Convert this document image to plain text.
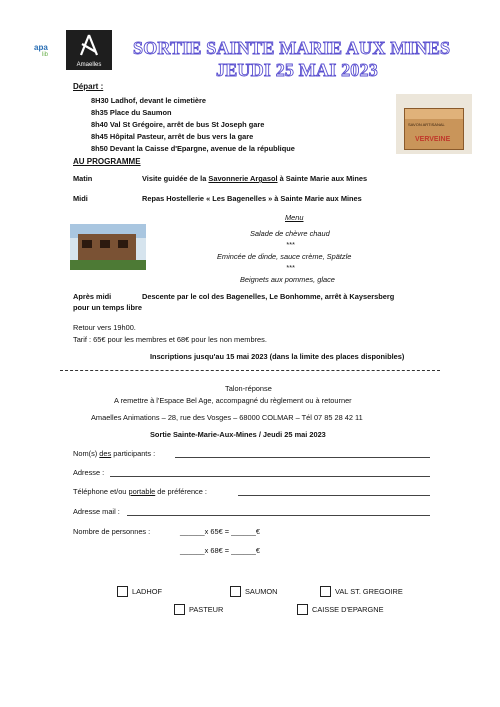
apa
lib
Amaelles
SORTIE SAINTE MARIE AUX MINES
JEUDI 25 MAI 2023
Départ :
8H30 Ladhof, devant le cimetière
8h35 Place du Saumon
8h40 Val St Grégoire, arrêt de bus St Joseph gare
8h45 Hôpital Pasteur, arrêt de bus vers la gare
8h50 Devant la Caisse d'Epargne, avenue de la république
SAVON ARTISANAL
VERVEINE
AU PROGRAMME
Matin	Visite guidée de la Savonnerie Argasol à Sainte Marie aux Mines
Midi	Repas Hostellerie « Les Bagenelles » à Sainte Marie aux Mines
Menu
Salade de chèvre chaud
***
Emincée de dinde, sauce crème, Spätzle
***
Beignets aux pommes, glace
Après midi	Descente par le col des Bagenelles, Le Bonhomme, arrêt à Kaysersberg
pour un temps libre
Retour vers 19h00.
Tarif : 65€ pour les membres et 68€ pour les non membres.
Inscriptions jusqu'au 15 mai 2023 (dans la limite des places disponibles)
Talon-réponse
A remettre à l'Espace Bel Age, accompagné du règlement ou à retourner
Amaelles Animations – 28, rue des Vosges – 68000 COLMAR – Tél 07 85 28 42 11
Sortie Sainte-Marie-Aux-Mines / Jeudi 25 mai 2023
Nom(s) des participants :
Adresse :
Téléphone et/ou portable de préférence :
Adresse mail :
Nombre de personnes :	______x 65€ = ______€
______x 68€ = ______€
LADHOF	SAUMON	VAL ST. GREGOIRE
PASTEUR	CAISSE D'EPARGNE
